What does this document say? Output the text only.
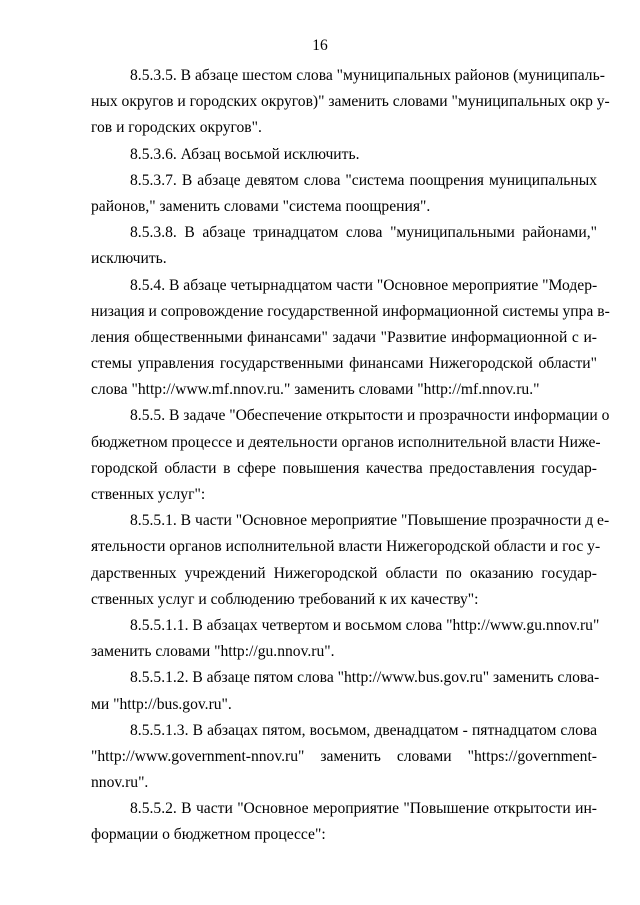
16
8.5.3.5. В абзаце шестом слова "муниципальных районов (муниципаль-
ных округов и городских округов)" заменить словами "муниципальных окр у-
гов и городских округов".
8.5.3.6. Абзац восьмой исключить.
8.5.3.7. В абзаце девятом слова "система поощрения муниципальных
районов," заменить словами "система поощрения".
8.5.3.8. В абзаце тринадцатом слова "муниципальными районами,"
исключить.
8.5.4. В абзаце четырнадцатом части "Основное мероприятие "Модер-
низация и сопровождение государственной информационной системы упра в-
ления общественными финансами" задачи "Развитие информационной с и-
стемы управления государственными финансами Нижегородской области"
слова "http://www.mf.nnov.ru." заменить словами "http://mf.nnov.ru."
8.5.5. В задаче "Обеспечение открытости и прозрачности информации о
бюджетном процессе и деятельности органов исполнительной власти Ниже-
городской области в сфере повышения качества предоставления государ-
ственных услуг":
8.5.5.1. В части "Основное мероприятие "Повышение прозрачности д е-
ятельности органов исполнительной власти Нижегородской области и гос у-
дарственных учреждений Нижегородской области по оказанию государ-
ственных услуг и соблюдению требований к их качеству":
8.5.5.1.1. В абзацах четвертом и восьмом слова "http://www.gu.nnov.ru"
заменить словами "http://gu.nnov.ru".
8.5.5.1.2. В абзаце пятом слова "http://www.bus.gov.ru" заменить слова-
ми "http://bus.gov.ru".
8.5.5.1.3. В абзацах пятом, восьмом, двенадцатом - пятнадцатом слова
"http://www.government-nnov.ru" заменить словами "https://government-
nnov.ru".
8.5.5.2. В части "Основное мероприятие "Повышение открытости ин-
формации о бюджетном процессе":
